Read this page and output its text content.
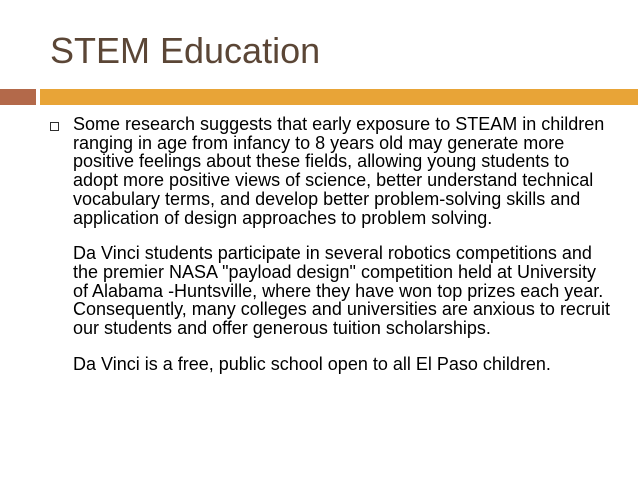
STEM Education

Some research suggests that early exposure to STEAM in children ranging in age from infancy to 8 years old may generate more positive feelings about these fields, allowing young students to adopt more positive views of science, better understand technical vocabulary terms, and develop better problem-solving skills and application of design approaches to problem solving.

Da Vinci students participate in several robotics competitions and the premier NASA "payload design" competition held at University of Alabama -Huntsville, where they have won top prizes each year. Consequently, many colleges and universities are anxious to recruit our students and offer generous tuition scholarships.

Da Vinci is a free, public school open to all El Paso children.
